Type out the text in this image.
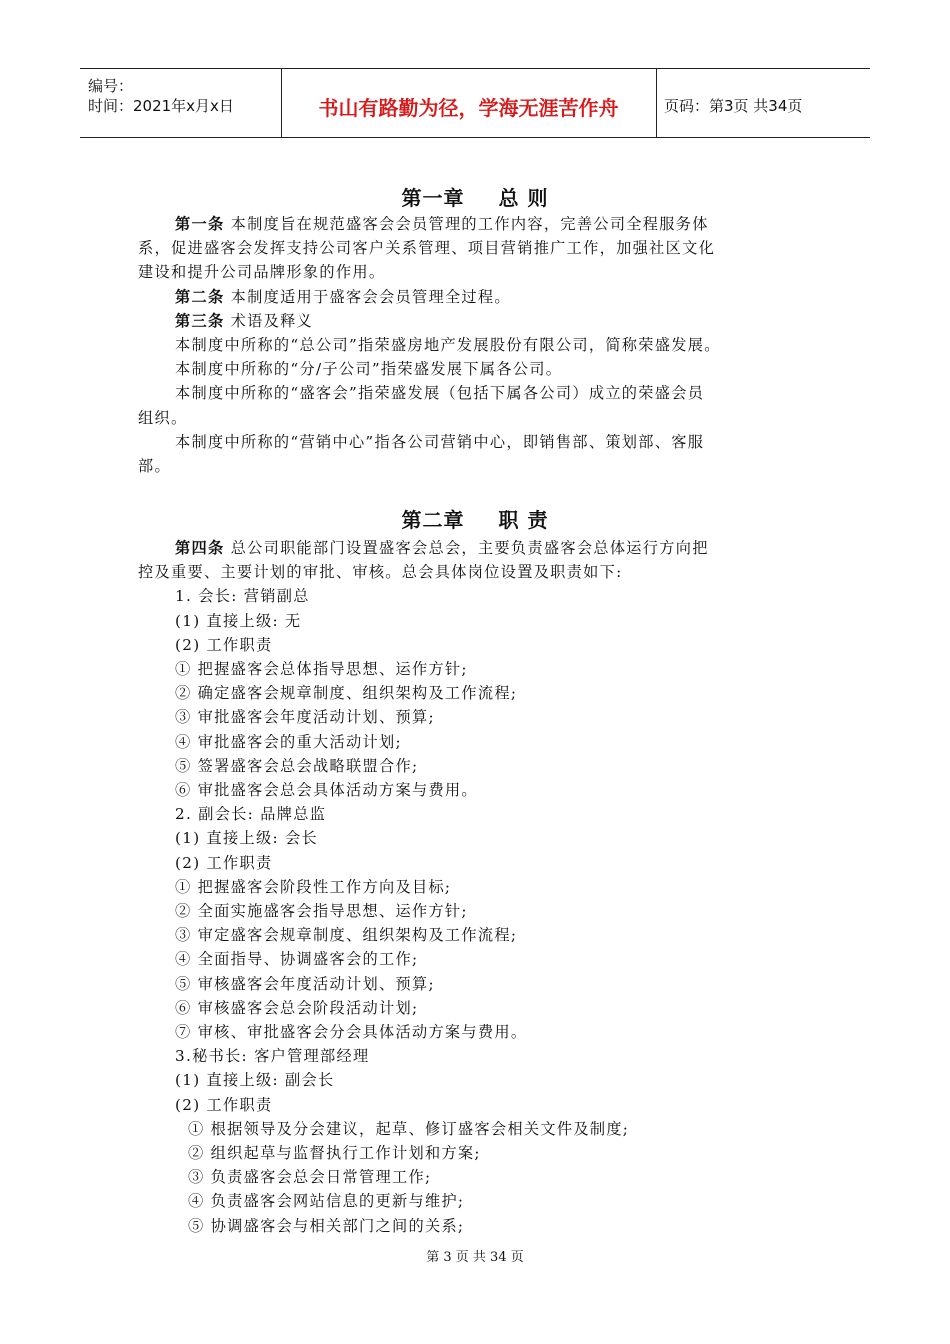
编号：
时间：2021年x月x日	书山有路勤为径，学海无涯苦作舟	页码：第3页 共34页
第一章 总 则

第一条 本制度旨在规范盛客会会员管理的工作内容，完善公司全程服务体
系，促进盛客会发挥支持公司客户关系管理、项目营销推广工作，加强社区文化
建设和提升公司品牌形象的作用。

第二条 本制度适用于盛客会会员管理全过程。

第三条 术语及释义

本制度中所称的“总公司”指荣盛房地产发展股份有限公司，简称荣盛发展。

本制度中所称的“分/子公司”指荣盛发展下属各公司。

本制度中所称的“盛客会”指荣盛发展（包括下属各公司）成立的荣盛会员
组织。

本制度中所称的“营销中心”指各公司营销中心，即销售部、策划部、客服
部。

第二章 职 责

第四条 总公司职能部门设置盛客会总会，主要负责盛客会总体运行方向把
控及重要、主要计划的审批、审核。总会具体岗位设置及职责如下:

1. 会长: 营销副总

(1) 直接上级: 无

(2) 工作职责

① 把握盛客会总体指导思想、运作方针;

② 确定盛客会规章制度、组织架构及工作流程;

③ 审批盛客会年度活动计划、预算;

④ 审批盛客会的重大活动计划;

⑤ 签署盛客会总会战略联盟合作;

⑥ 审批盛客会总会具体活动方案与费用。

2. 副会长: 品牌总监

(1) 直接上级: 会长

(2) 工作职责

① 把握盛客会阶段性工作方向及目标;

② 全面实施盛客会指导思想、运作方针;

③ 审定盛客会规章制度、组织架构及工作流程;

④ 全面指导、协调盛客会的工作;

⑤ 审核盛客会年度活动计划、预算;

⑥ 审核盛客会总会阶段活动计划;

⑦ 审核、审批盛客会分会具体活动方案与费用。

3.秘书长: 客户管理部经理

(1) 直接上级: 副会长

(2) 工作职责

① 根据领导及分会建议，起草、修订盛客会相关文件及制度;

② 组织起草与监督执行工作计划和方案;

③ 负责盛客会总会日常管理工作;

④ 负责盛客会网站信息的更新与维护;

⑤ 协调盛客会与相关部门之间的关系;

第 3 页 共 34 页
